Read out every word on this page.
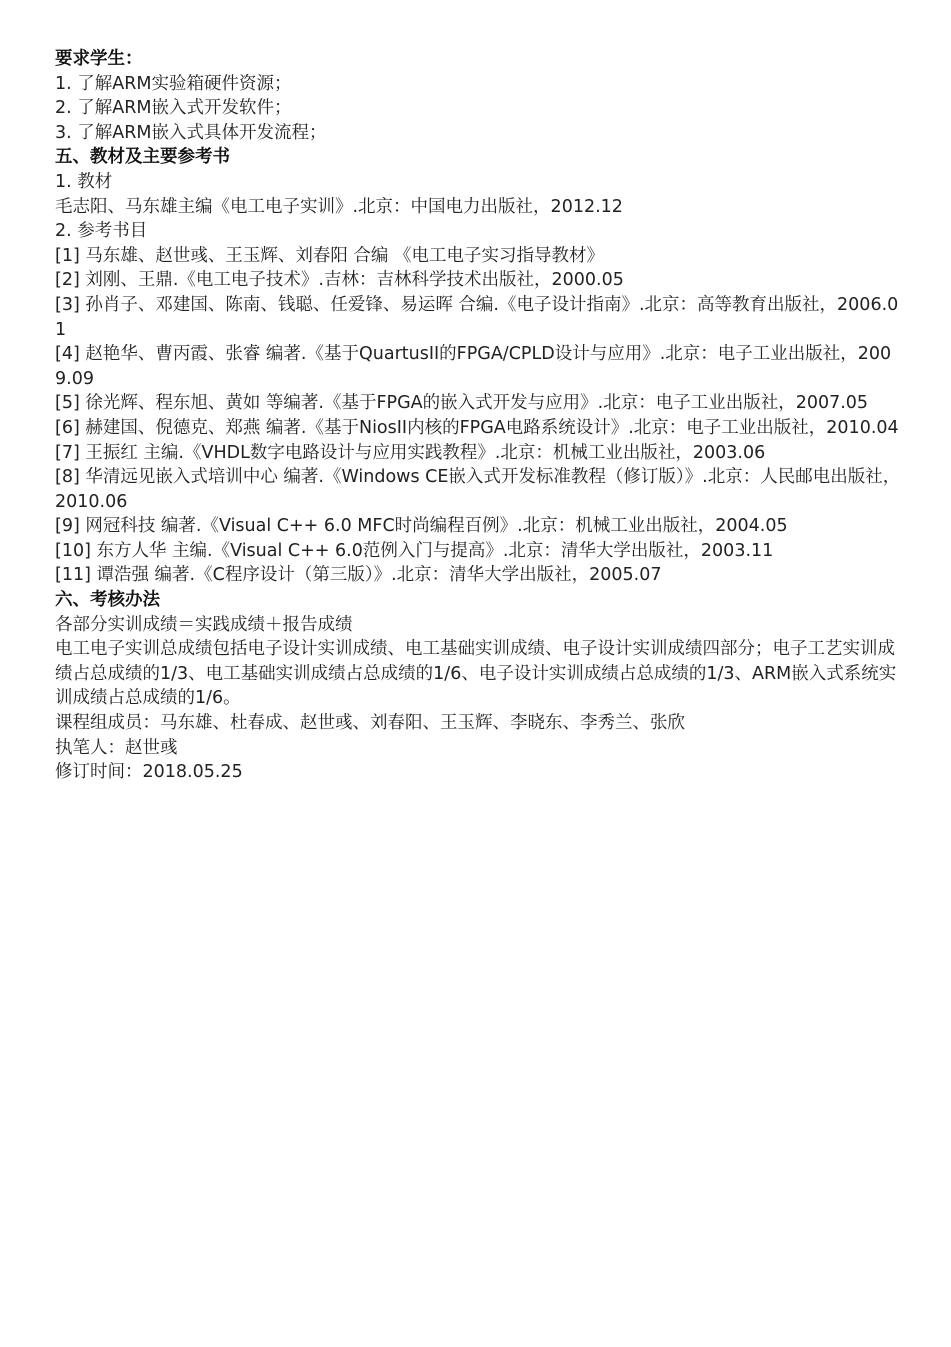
要求学生：

1. 了解ARM实验箱硬件资源；

2. 了解ARM嵌入式开发软件；

3. 了解ARM嵌入式具体开发流程；

五、教材及主要参考书

1. 教材

毛志阳、马东雄主编《电工电子实训》.北京：中国电力出版社，2012.12

2. 参考书目

[1] 马东雄、赵世彧、王玉辉、刘春阳 合编 《电工电子实习指导教材》
[2] 刘刚、王鼎.《电工电子技术》.吉林：吉林科学技术出版社，2000.05
[3] 孙肖子、邓建国、陈南、钱聪、任爱锋、易运晖 合编.《电子设计指南》.北京：高等教育出版社，2006.01
[4] 赵艳华、曹丙霞、张睿 编著.《基于QuartusII的FPGA/CPLD设计与应用》.北京：电子工业出版社，2009.09
[5] 徐光辉、程东旭、黄如 等编著.《基于FPGA的嵌入式开发与应用》.北京：电子工业出版社，2007.05
[6] 赫建国、倪德克、郑燕 编著.《基于NiosII内核的FPGA电路系统设计》.北京：电子工业出版社，2010.04
[7] 王振红 主编.《VHDL数字电路设计与应用实践教程》.北京：机械工业出版社，2003.06
[8] 华清远见嵌入式培训中心 编著.《Windows CE嵌入式开发标准教程（修订版）》.北京：人民邮电出版社，2010.06
[9] 网冠科技 编著.《Visual C++ 6.0 MFC时尚编程百例》.北京：机械工业出版社，2004.05
[10] 东方人华 主编.《Visual C++ 6.0范例入门与提高》.北京：清华大学出版社，2003.11
[11] 谭浩强 编著.《C程序设计（第三版）》.北京：清华大学出版社，2005.07

六、考核办法

各部分实训成绩＝实践成绩＋报告成绩

电工电子实训总成绩包括电子设计实训成绩、电工基础实训成绩、电子设计实训成绩四部分；电子工艺实训成绩占总成绩的1/3、电工基础实训成绩占总成绩的1/6、电子设计实训成绩占总成绩的1/3、ARM嵌入式系统实训成绩占总成绩的1/6。

课程组成员：马东雄、杜春成、赵世彧、刘春阳、王玉辉、李晓东、李秀兰、张欣

执笔人：赵世彧

修订时间：2018.05.25
